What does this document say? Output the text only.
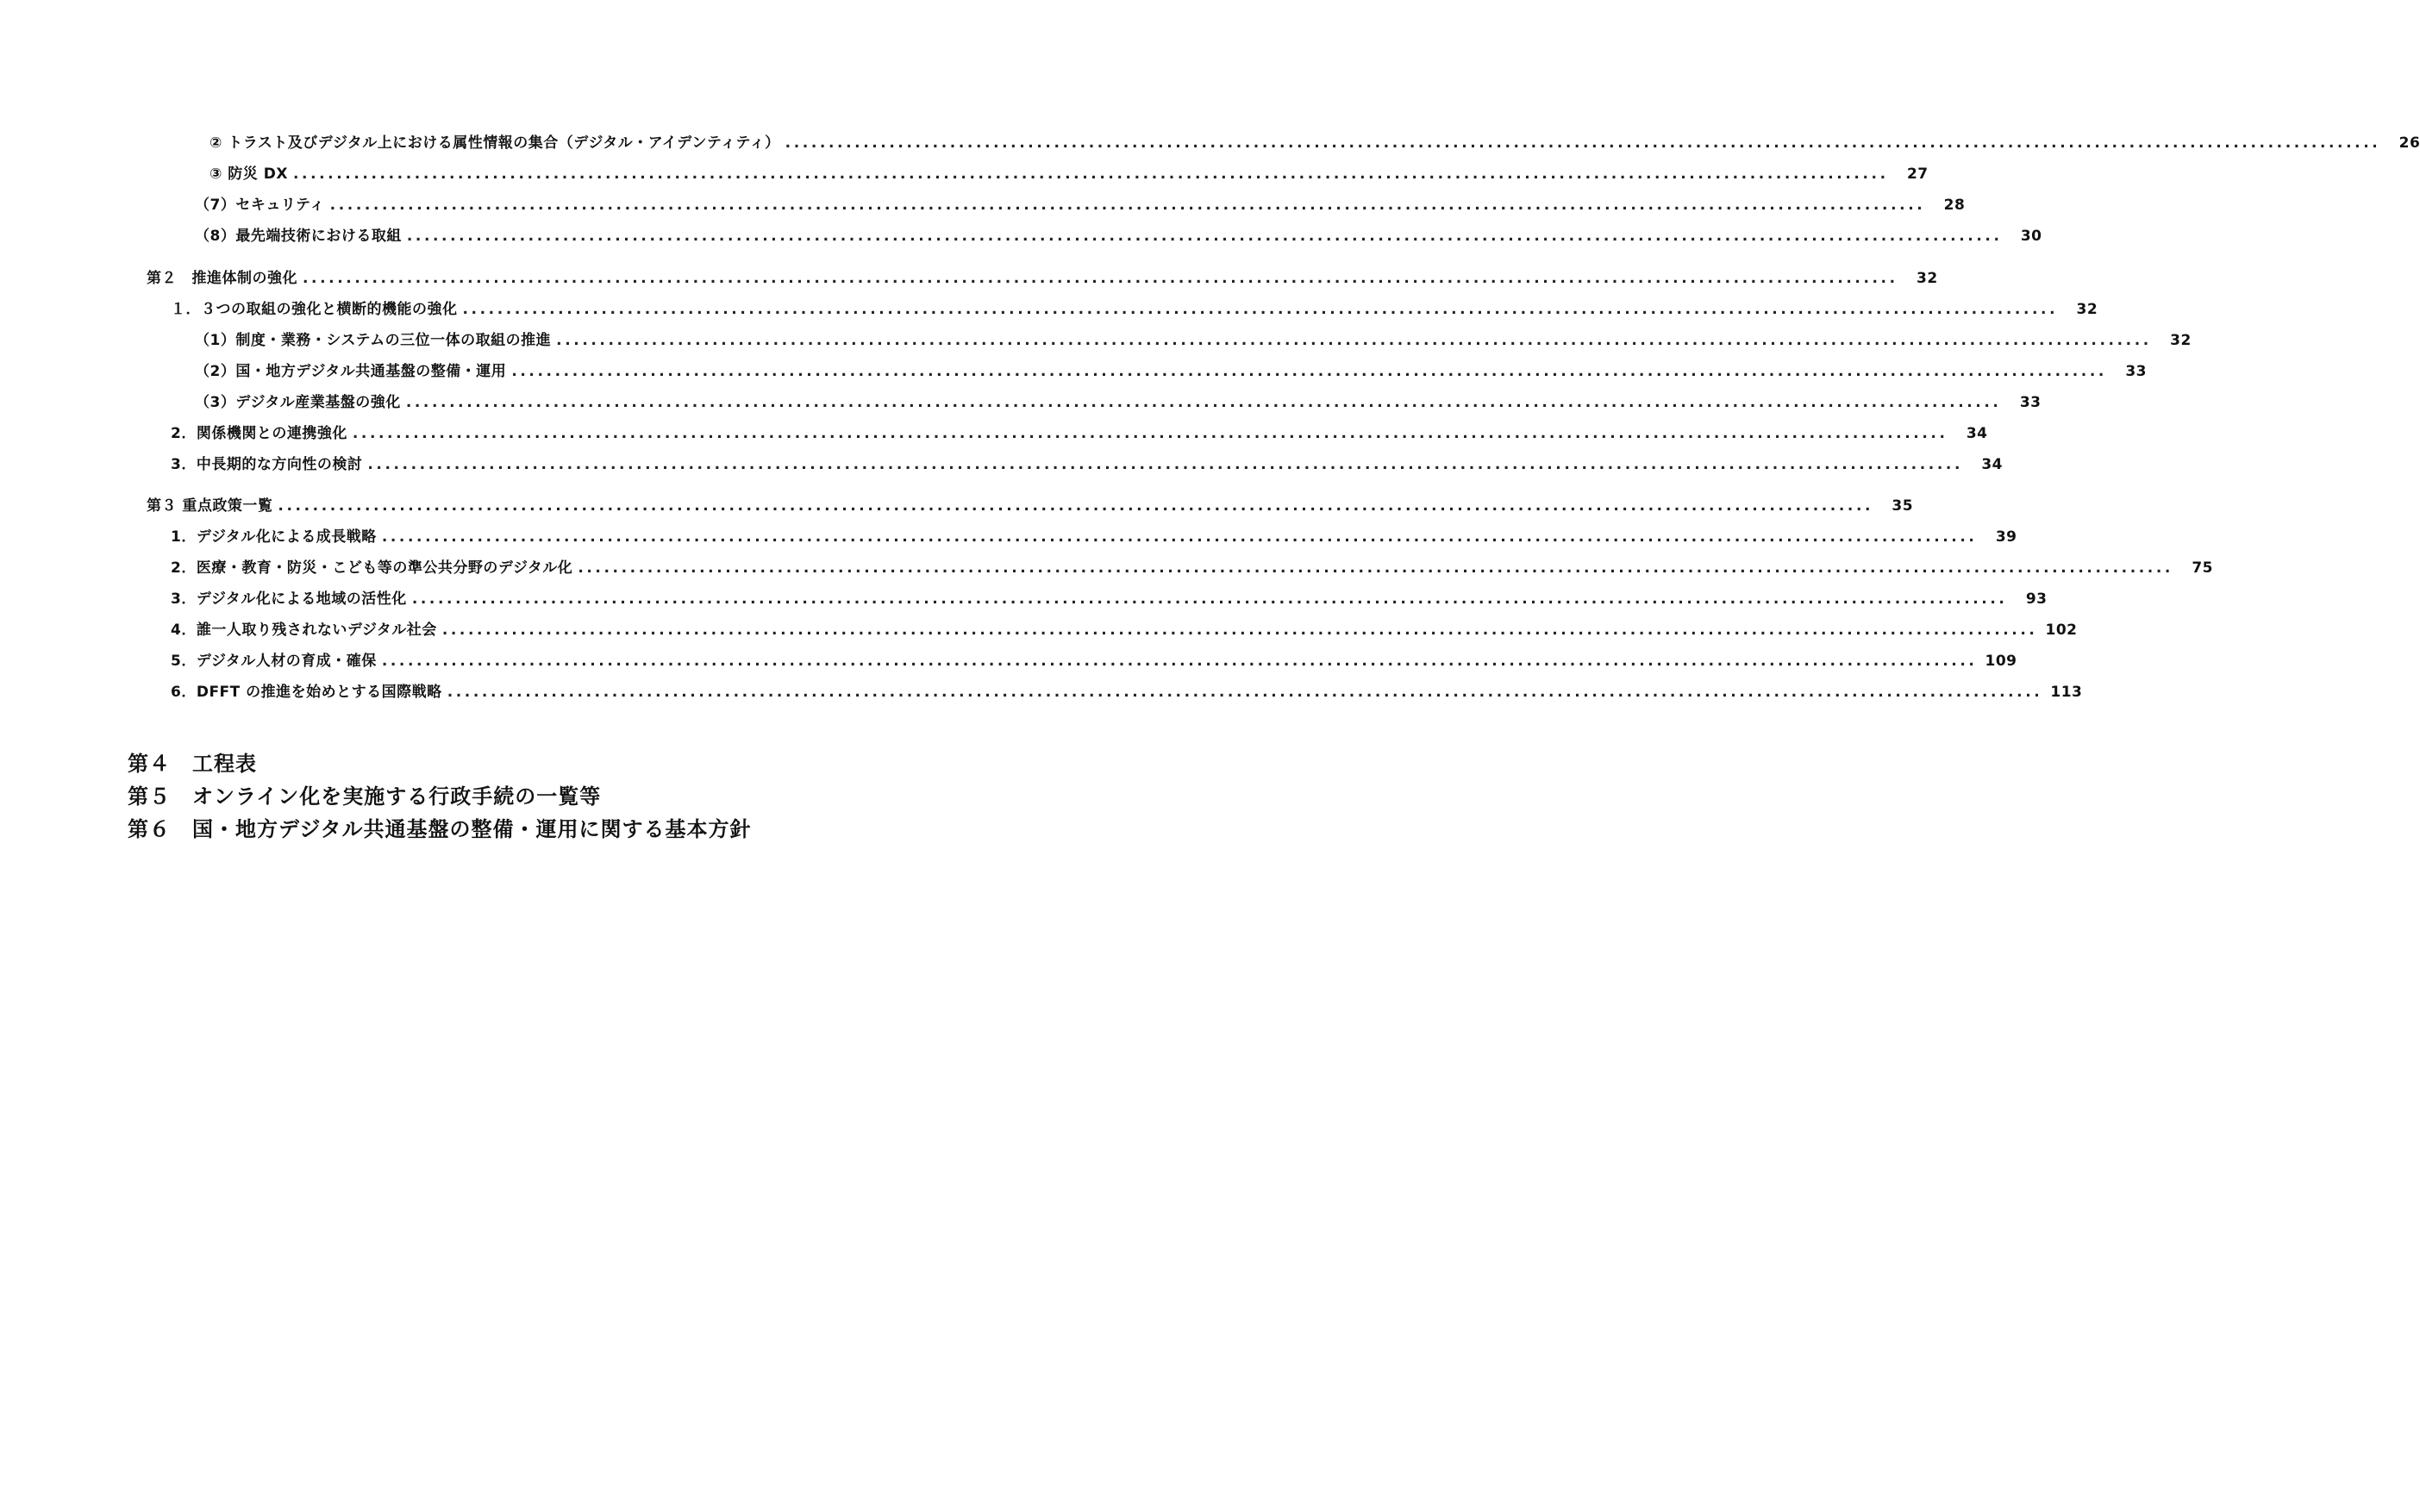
② トラスト及びデジタル上における属性情報の集合（デジタル・アイデンティティ） ........................................................................................................................................................................................	26
③ 防災 DX ........................................................................................................................................................................................	27
（7）セキュリティ ........................................................................................................................................................................................	28
（8）最先端技術における取組 ........................................................................................................................................................................................	30
第２　推進体制の強化 ........................................................................................................................................................................................	32
１．３つの取組の強化と横断的機能の強化 ........................................................................................................................................................................................	32
（1）制度・業務・システムの三位一体の取組の推進 ........................................................................................................................................................................................	32
（2）国・地方デジタル共通基盤の整備・運用 ........................................................................................................................................................................................	33
（3）デジタル産業基盤の強化 ........................................................................................................................................................................................	33
2．関係機関との連携強化 ........................................................................................................................................................................................	34
3．中長期的な方向性の検討 ........................................................................................................................................................................................	34
第３ 重点政策一覧 ........................................................................................................................................................................................	35
1．デジタル化による成長戦略 ........................................................................................................................................................................................	39
2．医療・教育・防災・こども等の準公共分野のデジタル化 ........................................................................................................................................................................................	75
3．デジタル化による地域の活性化 ........................................................................................................................................................................................	93
4．誰一人取り残されないデジタル社会 ........................................................................................................................................................................................ 102
5．デジタル人材の育成・確保 ........................................................................................................................................................................................ 109
6．DFFT の推進を始めとする国際戦略 ........................................................................................................................................................................................ 113
第４　工程表
第５　オンライン化を実施する行政手続の一覧等
第６　国・地方デジタル共通基盤の整備・運用に関する基本方針
